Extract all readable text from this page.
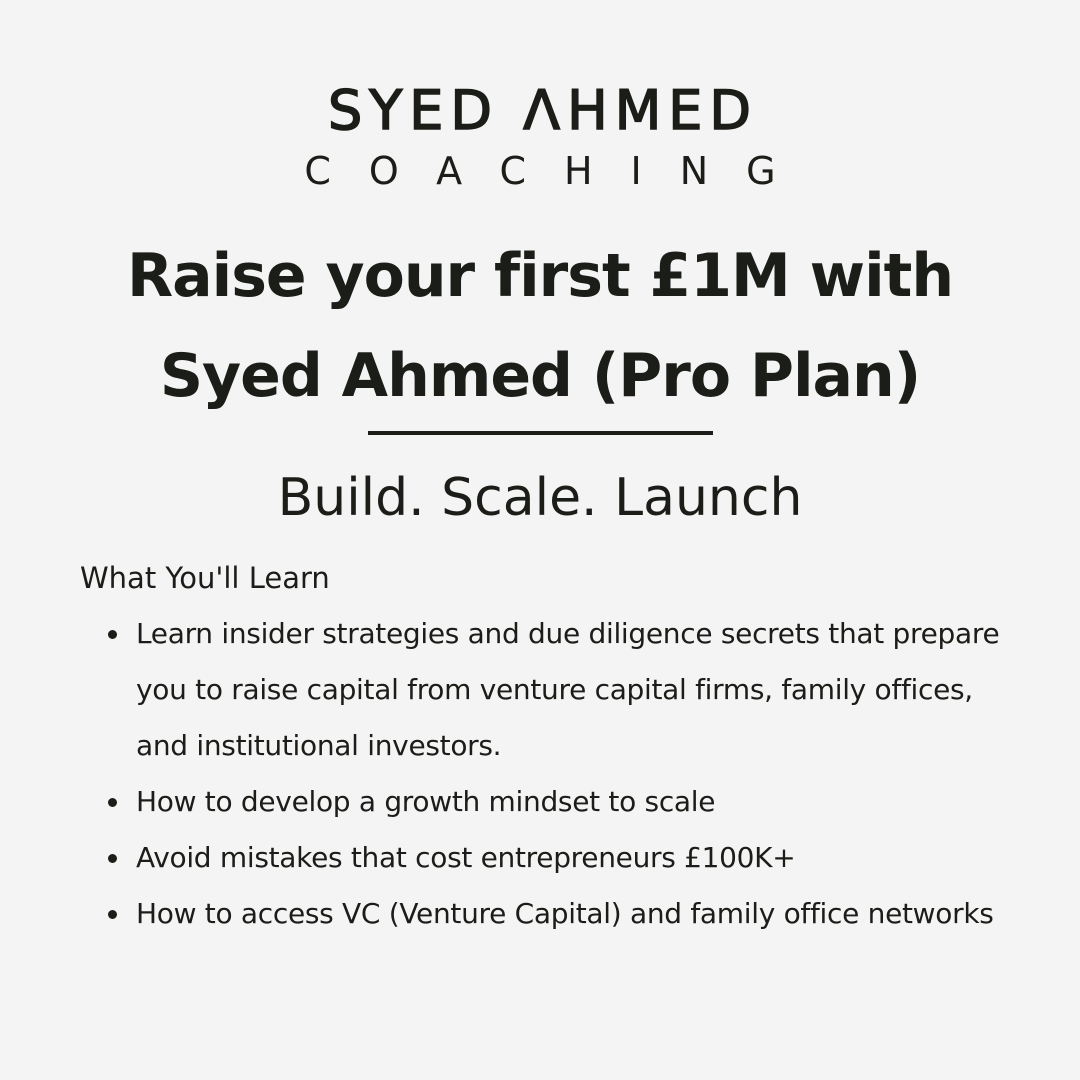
SYED ΛHMED
COACHING
Raise your first £1M with
Syed Ahmed (Pro Plan)
Build. Scale. Launch
What You'll Learn
Learn insider strategies and due diligence secrets that prepare you to raise capital from venture capital firms, family offices, and institutional investors.
How to develop a growth mindset to scale
Avoid mistakes that cost entrepreneurs £100K+
How to access VC (Venture Capital) and family office networks
